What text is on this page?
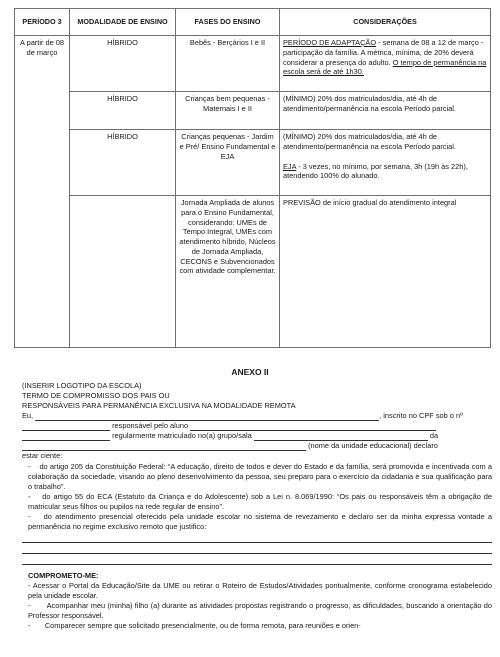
PERÍODO 3	MODALIDADE DE ENSINO	FASES DO ENSINO	CONSIDERAÇÕES
A partir de 08 de março	HÍBRIDO	Bebês - Berçários I e II	PERÍODO DE ADAPTAÇÃO - semana de 08 a 12 de março - participação da família. A métrica, mínima, de 20% deverá considerar a presença do adulto. O tempo de permanência na escola será de até 1h30.
	HÍBRIDO	Crianças bem pequenas - Maternais I e II	(MÍNIMO) 20% dos matriculados/dia, até 4h de atendimento/permanência na escola Período parcial.
	HÍBRIDO	Crianças pequenas - Jardim e Pré/ Ensino Fundamental e EJA	(MÍNIMO) 20% dos matriculados/dia, até 4h de atendimento/permanência na escola Período parcial.
EJA - 3 vezes, no mínimo, por semana, 3h (19h às 22h), atendendo 100% do alunado.
		Jornada Ampliada de alunos para o Ensino Fundamental, considerando: UMEs de Tempo Integral, UMEs com atendimento híbrido, Núcleos de Jornada Ampliada, CECONS e Subvencionados com atividade complementar.	PREVISÃO de início gradual do atendimento integral
ANEXO II

(INSERIR LOGOTIPO DA ESCOLA)

TERMO DE COMPROMISSO DOS PAIS OU

RESPONSÁVEIS PARA PERMANÊNCIA EXCLUSIVA NA MODALIDADE REMOTA

Eu,	, inscrito no CPF sob o nº

responsável pelo aluno

regularmente matriculado no(a) grupo/sala	da

(nome da unidade educacional) declaro

estar ciente:

- do artigo 205 da Constituição Federal: “A educação, direito de todos e dever do Estado e da família, será promovida e incentivada com a colaboração da sociedade, visando ao pleno desenvolvimento da pessoa, seu preparo para o exercício da cidadania e sua qualificação para o trabalho”.

- do artigo 55 do ECA (Estatuto da Criança e do Adolescente) sob a Lei n. 8.069/1990: “Os pais ou responsáveis têm a obrigação de matricular seus filhos ou pupilos na rede regular de ensino”.

- do atendimento presencial oferecido pela unidade escolar no sistema de revezamento e declaro ser da minha expressa vontade a permanência no regime exclusivo remoto que justifico:

COMPROMETO-ME:

- Acessar o Portal da Educação/Site da UME ou retirar o Roteiro de Estudos/Atividades pontualmente, conforme cronograma estabelecido pela unidade escolar.

- Acompanhar meu (minha) filho (a) durante as atividades propostas registrando o progresso, as dificuldades, buscando a orientação do Professor responsável.

- Comparecer sempre que solicitado presencialmente, ou de forma remota, para reuniões e orien-
